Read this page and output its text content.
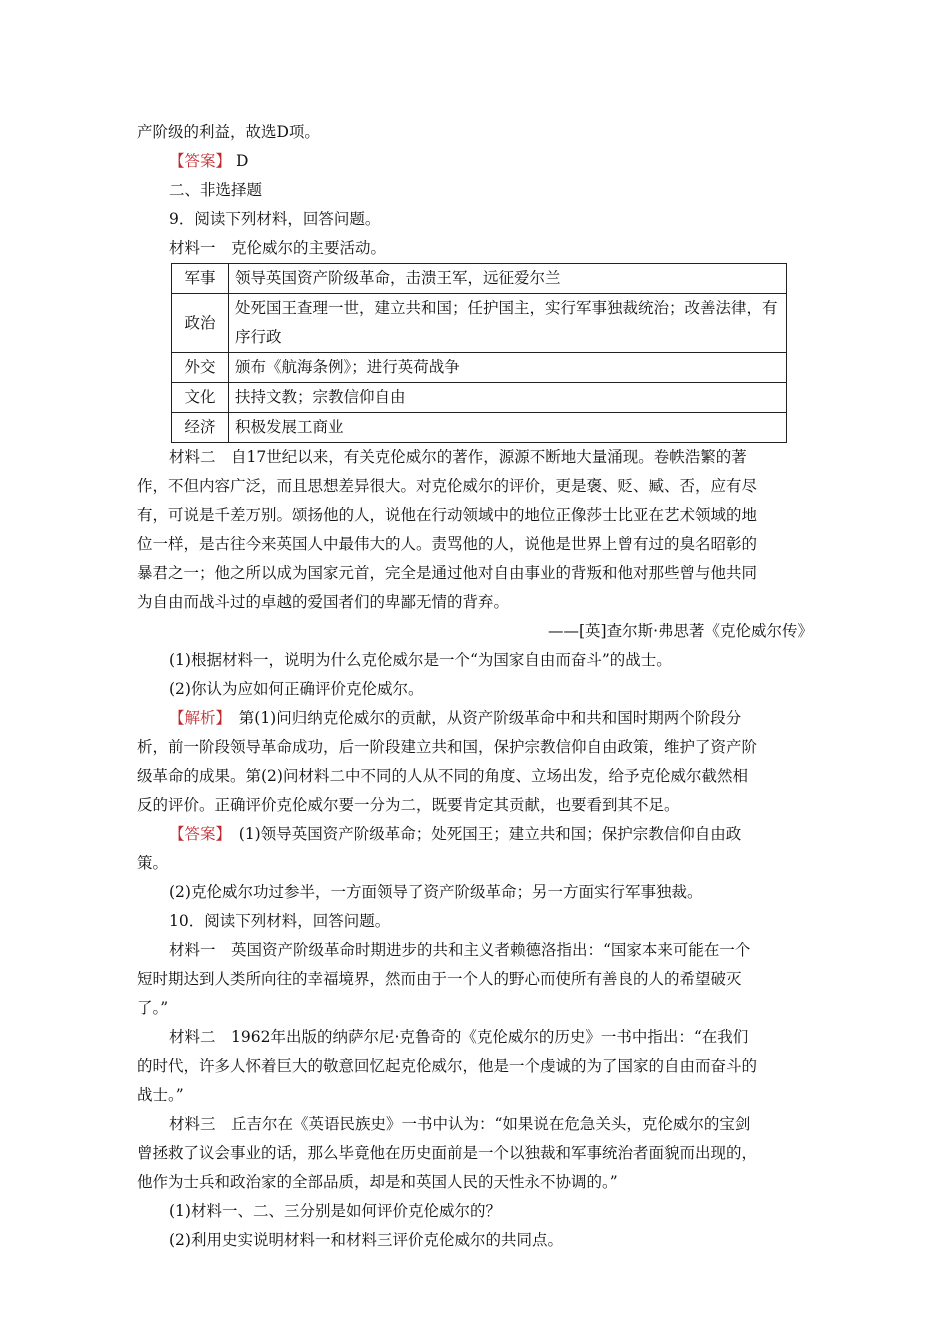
产阶级的利益，故选D项。
【答案】 D
二、非选择题
9．阅读下列材料，回答问题。
材料一　克伦威尔的主要活动。
军事	领导英国资产阶级革命，击溃王军，远征爱尔兰
政治	处死国王查理一世，建立共和国；任护国主，实行军事独裁统治；改善法律，有序行政
外交	颁布《航海条例》；进行英荷战争
文化	扶持文教；宗教信仰自由
经济	积极发展工商业
材料二　自17世纪以来，有关克伦威尔的著作，源源不断地大量涌现。卷帙浩繁的著
作，不但内容广泛，而且思想差异很大。对克伦威尔的评价，更是褒、贬、臧、否，应有尽
有，可说是千差万别。颂扬他的人，说他在行动领域中的地位正像莎士比亚在艺术领域的地
位一样，是古往今来英国人中最伟大的人。责骂他的人，说他是世界上曾有过的臭名昭彰的
暴君之一；他之所以成为国家元首，完全是通过他对自由事业的背叛和他对那些曾与他共同
为自由而战斗过的卓越的爱国者们的卑鄙无情的背弃。
——[英]查尔斯·弗思著《克伦威尔传》
(1)根据材料一，说明为什么克伦威尔是一个“为国家自由而奋斗”的战士。
(2)你认为应如何正确评价克伦威尔。
【解析】　第(1)问归纳克伦威尔的贡献，从资产阶级革命中和共和国时期两个阶段分
析，前一阶段领导革命成功，后一阶段建立共和国，保护宗教信仰自由政策，维护了资产阶
级革命的成果。第(2)问材料二中不同的人从不同的角度、立场出发，给予克伦威尔截然相
反的评价。正确评价克伦威尔要一分为二，既要肯定其贡献，也要看到其不足。
【答案】　(1)领导英国资产阶级革命；处死国王；建立共和国；保护宗教信仰自由政
策。
(2)克伦威尔功过参半，一方面领导了资产阶级革命；另一方面实行军事独裁。
10．阅读下列材料，回答问题。
材料一　英国资产阶级革命时期进步的共和主义者赖德洛指出：“国家本来可能在一个
短时期达到人类所向往的幸福境界，然而由于一个人的野心而使所有善良的人的希望破灭
了。”
材料二　1962年出版的纳萨尔尼·克鲁奇的《克伦威尔的历史》一书中指出：“在我们
的时代，许多人怀着巨大的敬意回忆起克伦威尔，他是一个虔诚的为了国家的自由而奋斗的
战士。”
材料三　丘吉尔在《英语民族史》一书中认为：“如果说在危急关头，克伦威尔的宝剑
曾拯救了议会事业的话，那么毕竟他在历史面前是一个以独裁和军事统治者面貌而出现的，
他作为士兵和政治家的全部品质，却是和英国人民的天性永不协调的。”
(1)材料一、二、三分别是如何评价克伦威尔的？
(2)利用史实说明材料一和材料三评价克伦威尔的共同点。
